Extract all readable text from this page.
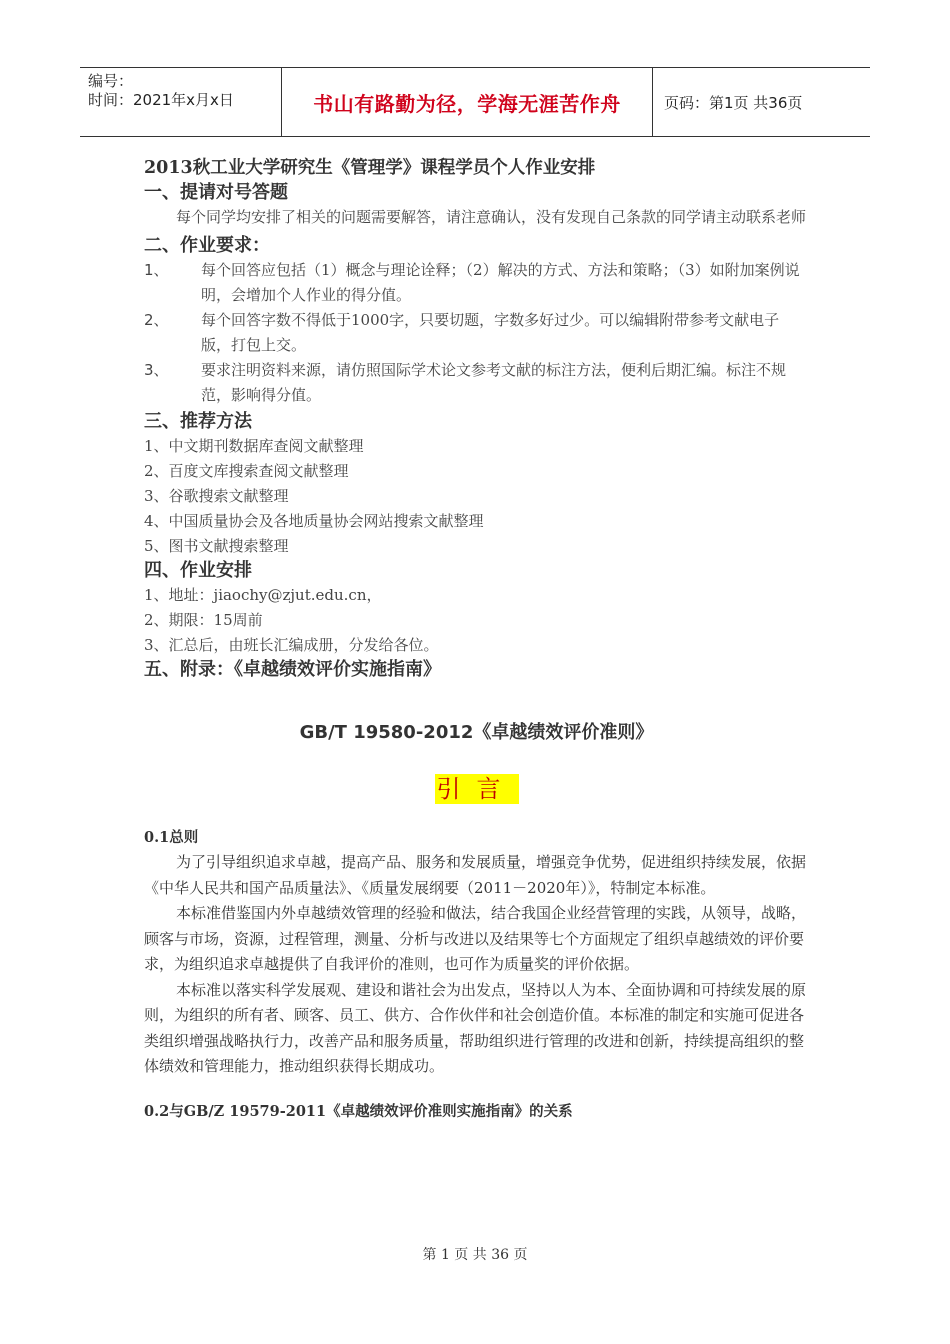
编号：
时间：2021年x月x日	书山有路勤为径，学海无涯苦作舟	页码：第1页 共36页
2013秋工业大学研究生《管理学》课程学员个人作业安排
一、提请对号答题
每个同学均安排了相关的问题需要解答，请注意确认，没有发现自己条款的同学请主动联系老师
二、作业要求：
1、 每个回答应包括（1）概念与理论诠释；（2）解决的方式、方法和策略；（3）如附加案例说明，会增加个人作业的得分值。
2、 每个回答字数不得低于1000字，只要切题，字数多好过少。可以编辑附带参考文献电子版，打包上交。
3、 要求注明资料来源，请仿照国际学术论文参考文献的标注方法，便利后期汇编。标注不规范，影响得分值。
三、推荐方法
1、中文期刊数据库查阅文献整理
2、百度文库搜索查阅文献整理
3、谷歌搜索文献整理
4、中国质量协会及各地质量协会网站搜索文献整理
5、图书文献搜索整理
四、作业安排
1、地址：jiaochy@zjut.edu.cn，
2、期限：15周前
3、汇总后，由班长汇编成册，分发给各位。
五、附录：《卓越绩效评价实施指南》
GB/T 19580-2012《卓越绩效评价准则》
引言
0.1总则
为了引导组织追求卓越，提高产品、服务和发展质量，增强竞争优势，促进组织持续发展，依据《中华人民共和国产品质量法》、《质量发展纲要（2011－2020年）》，特制定本标准。
本标准借鉴国内外卓越绩效管理的经验和做法，结合我国企业经营管理的实践，从领导，战略，顾客与市场，资源，过程管理，测量、分析与改进以及结果等七个方面规定了组织卓越绩效的评价要求，为组织追求卓越提供了自我评价的准则，也可作为质量奖的评价依据。
本标准以落实科学发展观、建设和谐社会为出发点，坚持以人为本、全面协调和可持续发展的原则，为组织的所有者、顾客、员工、供方、合作伙伴和社会创造价值。本标准的制定和实施可促进各类组织增强战略执行力，改善产品和服务质量，帮助组织进行管理的改进和创新，持续提高组织的整体绩效和管理能力，推动组织获得长期成功。
0.2与GB/Z 19579-2011《卓越绩效评价准则实施指南》的关系
第 1 页 共 36 页
